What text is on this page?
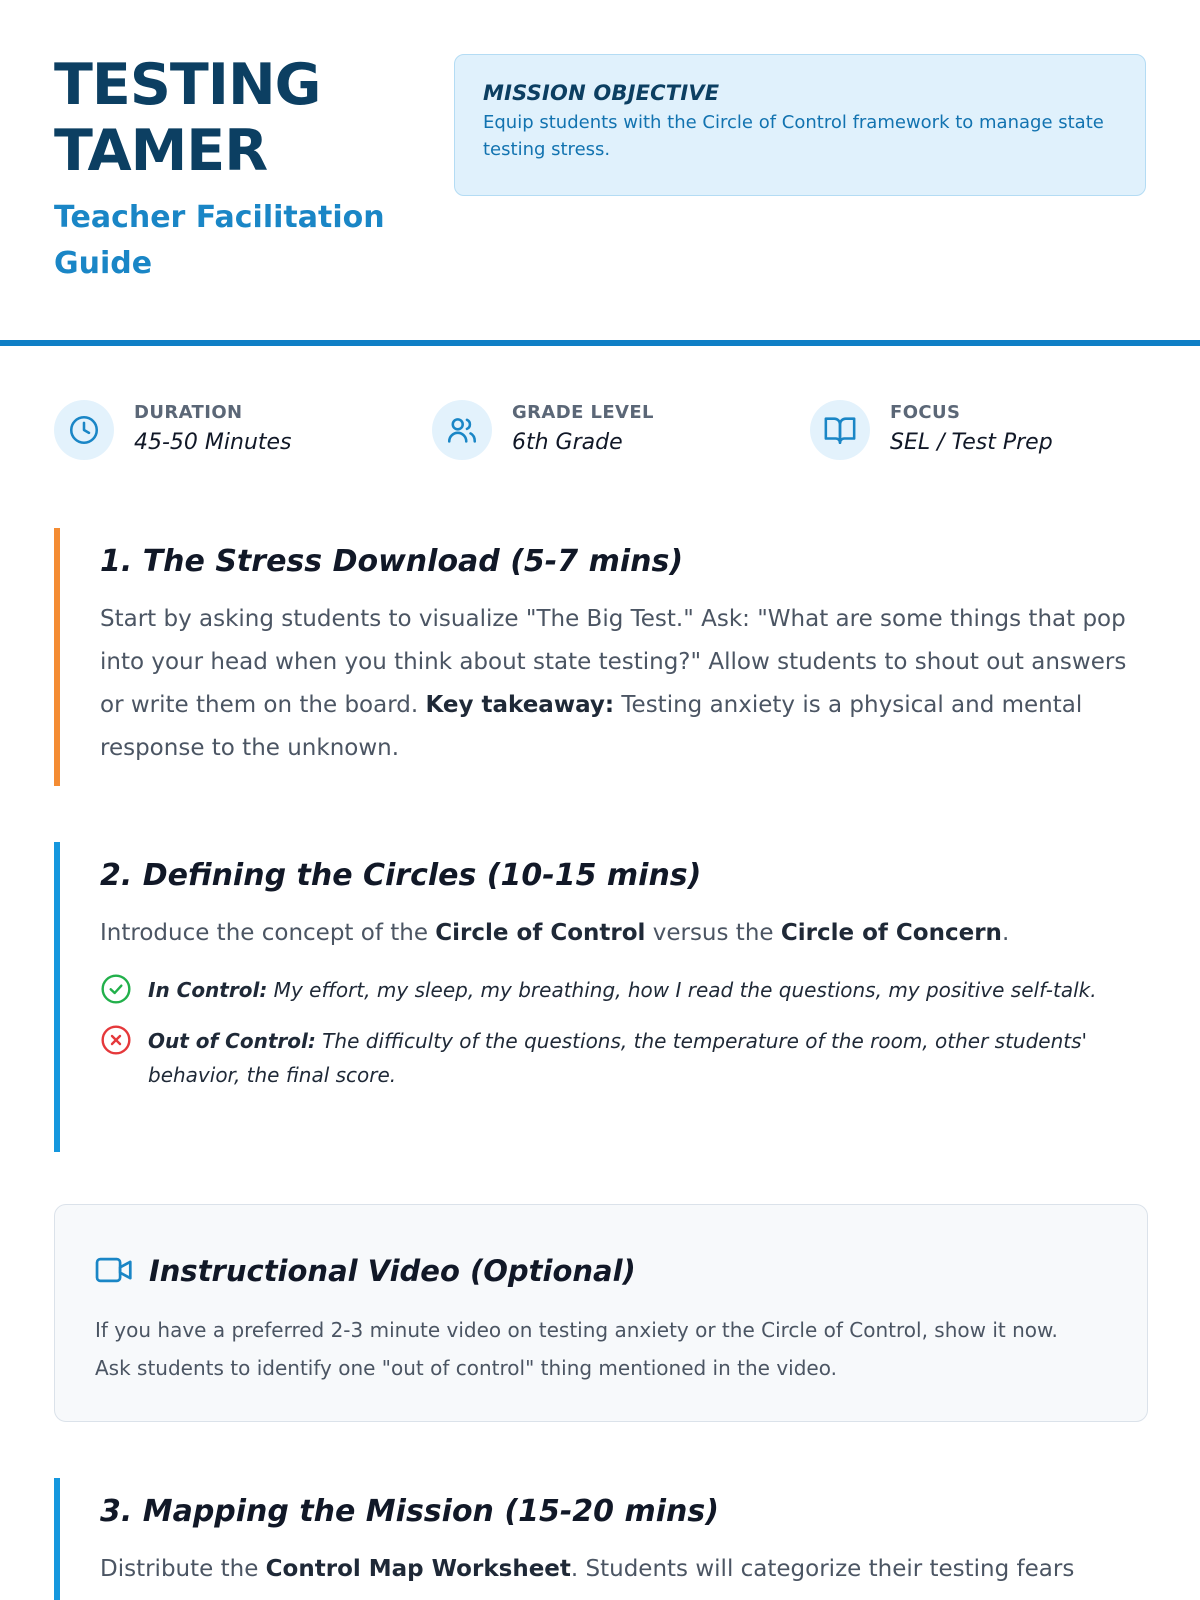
TESTING
TAMER

Teacher Facilitation Guide

MISSION OBJECTIVE

Equip students with the Circle of Control framework to manage state testing stress.

DURATION
45-50 Minutes
GRADE LEVEL
6th Grade
FOCUS
SEL / Test Prep
1. The Stress Download (5-7 mins)

Start by asking students to visualize "The Big Test." Ask: "What are some things that pop into your head when you think about state testing?" Allow students to shout out answers or write them on the board. Key takeaway: Testing anxiety is a physical and mental response to the unknown.

2. Defining the Circles (10-15 mins)

Introduce the concept of the Circle of Control versus the Circle of Concern.

In Control: My effort, my sleep, my breathing, how I read the questions, my positive self-talk.

Out of Control: The difficulty of the questions, the temperature of the room, other students' behavior, the final score.

Instructional Video (Optional)

If you have a preferred 2-3 minute video on testing anxiety or the Circle of Control, show it now. Ask students to identify one "out of control" thing mentioned in the video.

3. Mapping the Mission (15-20 mins)

Distribute the Control Map Worksheet. Students will categorize their testing fears
